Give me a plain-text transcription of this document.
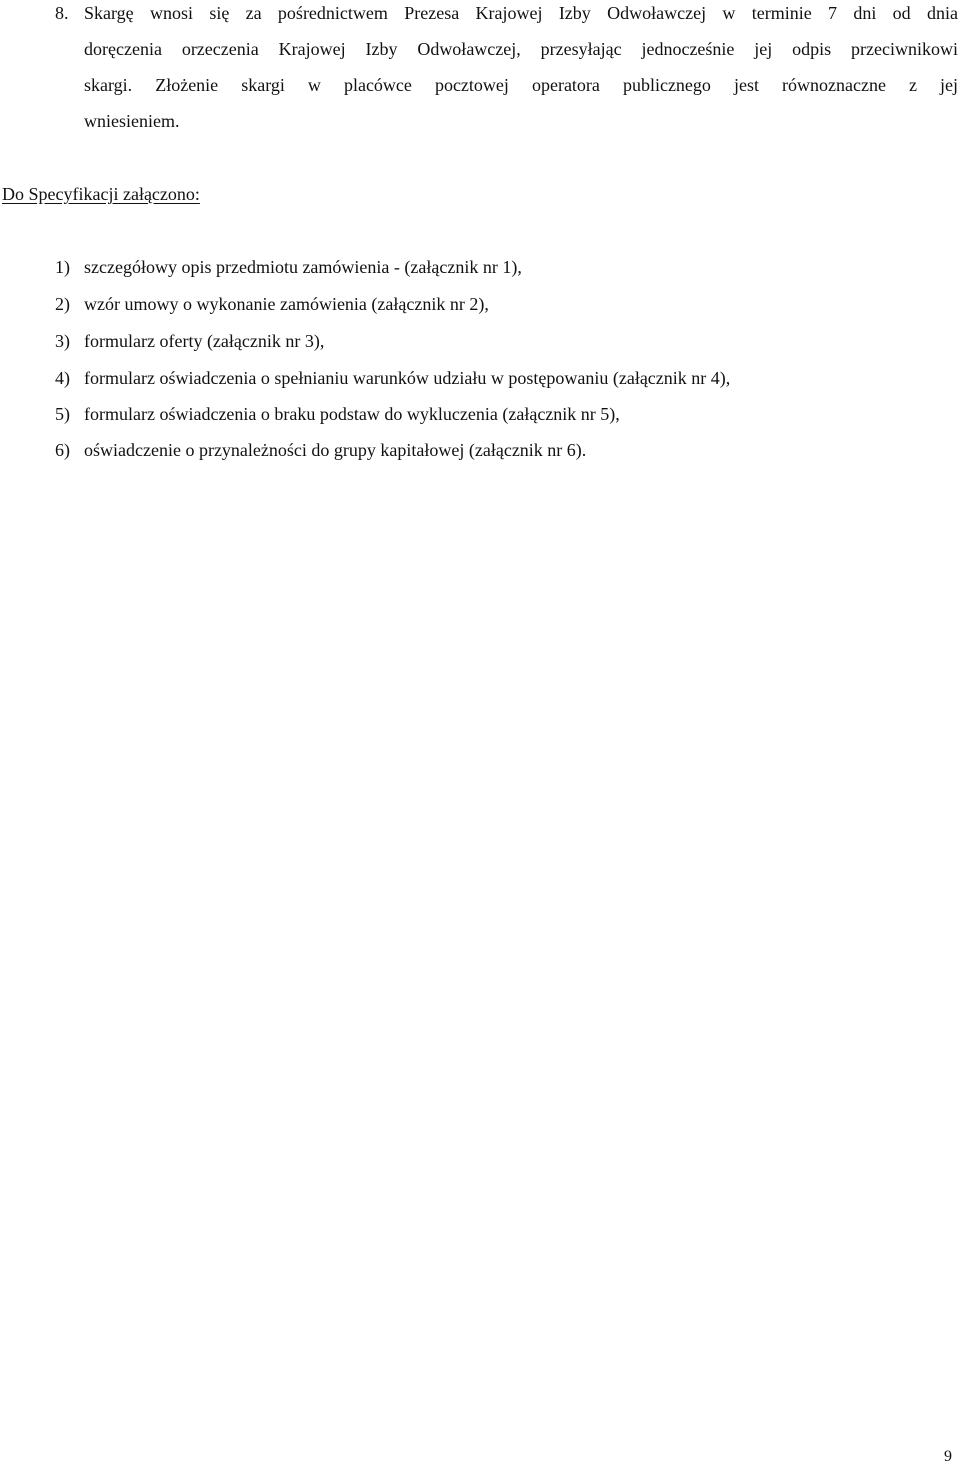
8. Skargę wnosi się za pośrednictwem Prezesa Krajowej Izby Odwoławczej w terminie 7 dni od dnia
doręczenia orzeczenia Krajowej Izby Odwoławczej, przesyłając jednocześnie jej odpis przeciwnikowi
skargi. Złożenie skargi w placówce pocztowej operatora publicznego jest równoznaczne z jej
wniesieniem.
Do Specyfikacji załączono:
1) szczegółowy opis przedmiotu zamówienia - (załącznik nr 1),
2) wzór umowy o wykonanie zamówienia (załącznik nr 2),
3) formularz oferty (załącznik nr 3),
4) formularz oświadczenia o spełnianiu warunków udziału w postępowaniu (załącznik nr 4),
5) formularz oświadczenia o braku podstaw do wykluczenia (załącznik nr 5),
6) oświadczenie o przynależności do grupy kapitałowej (załącznik nr 6).
9
